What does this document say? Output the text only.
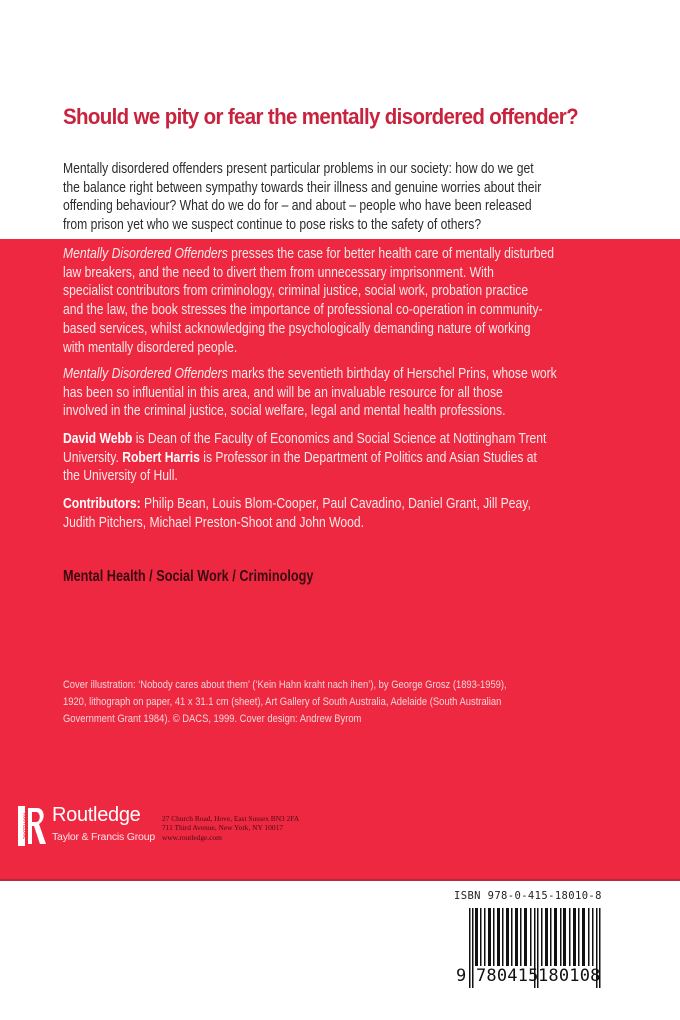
Should we pity or fear the mentally disordered offender?

Mentally disordered offenders present particular problems in our society: how do we get
the balance right between sympathy towards their illness and genuine worries about their
offending behaviour? What do we do for – and about – people who have been released
from prison yet who we suspect continue to pose risks to the safety of others?

Mentally Disordered Offenders presses the case for better health care of mentally disturbed
law breakers, and the need to divert them from unnecessary imprisonment. With
specialist contributors from criminology, criminal justice, social work, probation practice
and the law, the book stresses the importance of professional co-operation in community-
based services, whilst acknowledging the psychologically demanding nature of working
with mentally disordered people.

Mentally Disordered Offenders marks the seventieth birthday of Herschel Prins, whose work
has been so influential in this area, and will be an invaluable resource for all those
involved in the criminal justice, social welfare, legal and mental health professions.

David Webb is Dean of the Faculty of Economics and Social Science at Nottingham Trent
University. Robert Harris is Professor in the Department of Politics and Asian Studies at
the University of Hull.

Contributors: Philip Bean, Louis Blom-Cooper, Paul Cavadino, Daniel Grant, Jill Peay,
Judith Pitchers, Michael Preston-Shoot and John Wood.

Mental Health / Social Work / Criminology

Cover illustration: ‘Nobody cares about them’ (‘Kein Hahn kraht nach ihen’), by George Grosz (1893-1959),
1920, lithograph on paper, 41 x 31.1 cm (sheet), Art Gallery of South Australia, Adelaide (South Australian
Government Grant 1984). © DACS, 1999. Cover design: Andrew Byrom

ROUTLEDGE Routledge
Taylor & Francis Group
27 Church Road, Hove, East Sussex BN3 2FA
711 Third Avenue, New York, NY 10017
www.routledge.com
ISBN 978-0-415-18010-8
9 780415 180108
